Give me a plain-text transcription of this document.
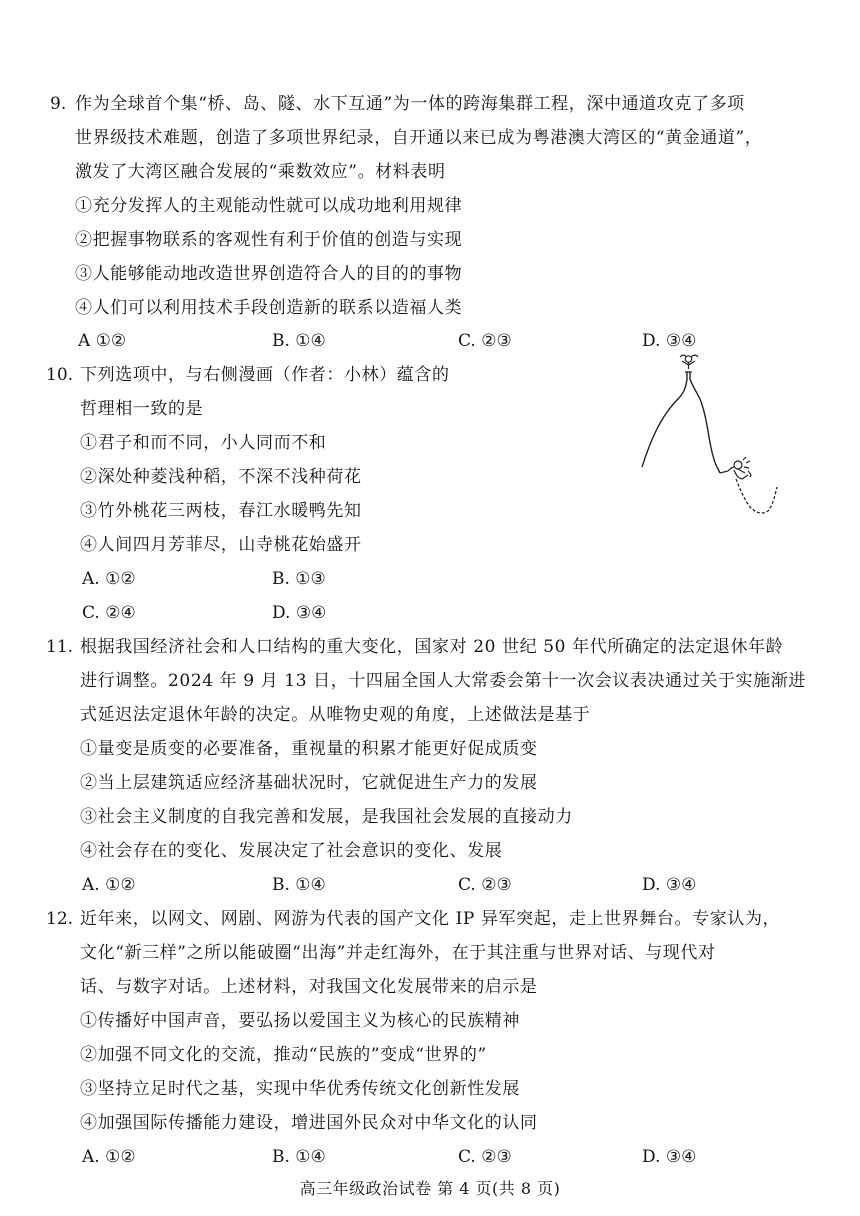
9. 作为全球首个集“桥、岛、隧、水下互通”为一体的跨海集群工程，深中通道攻克了多项
世界级技术难题，创造了多项世界纪录，自开通以来已成为粤港澳大湾区的“黄金通道”，
激发了大湾区融合发展的“乘数效应”。材料表明
①充分发挥人的主观能动性就可以成功地利用规律
②把握事物联系的客观性有利于价值的创造与实现
③人能够能动地改造世界创造符合人的目的的事物
④人们可以利用技术手段创造新的联系以造福人类
A ①②	B. ①④	C. ②③	D. ③④
10. 下列选项中，与右侧漫画（作者：小林）蕴含的
哲理相一致的是
①君子和而不同，小人同而不和
②深处种菱浅种稻，不深不浅种荷花
③竹外桃花三两枝，春江水暖鸭先知
④人间四月芳菲尽，山寺桃花始盛开
A. ①②	B. ①③
C. ②④	D. ③④
11. 根据我国经济社会和人口结构的重大变化，国家对 20 世纪 50 年代所确定的法定退休年龄
进行调整。2024 年 9 月 13 日，十四届全国人大常委会第十一次会议表决通过关于实施渐进
式延迟法定退休年龄的决定。从唯物史观的角度，上述做法是基于
①量变是质变的必要准备，重视量的积累才能更好促成质变
②当上层建筑适应经济基础状况时，它就促进生产力的发展
③社会主义制度的自我完善和发展，是我国社会发展的直接动力
④社会存在的变化、发展决定了社会意识的变化、发展
A. ①②	B. ①④	C. ②③	D. ③④
12. 近年来，以网文、网剧、网游为代表的国产文化 IP 异军突起，走上世界舞台。专家认为，
文化“新三样”之所以能破圈“出海”并走红海外，在于其注重与世界对话、与现代对
话、与数字对话。上述材料，对我国文化发展带来的启示是
①传播好中国声音，要弘扬以爱国主义为核心的民族精神
②加强不同文化的交流，推动“民族的”变成“世界的”
③坚持立足时代之基，实现中华优秀传统文化创新性发展
④加强国际传播能力建设，增进国外民众对中华文化的认同
A. ①②	B. ①④	C. ②③	D. ③④
高三年级政治试卷 第 4 页(共 8 页)
